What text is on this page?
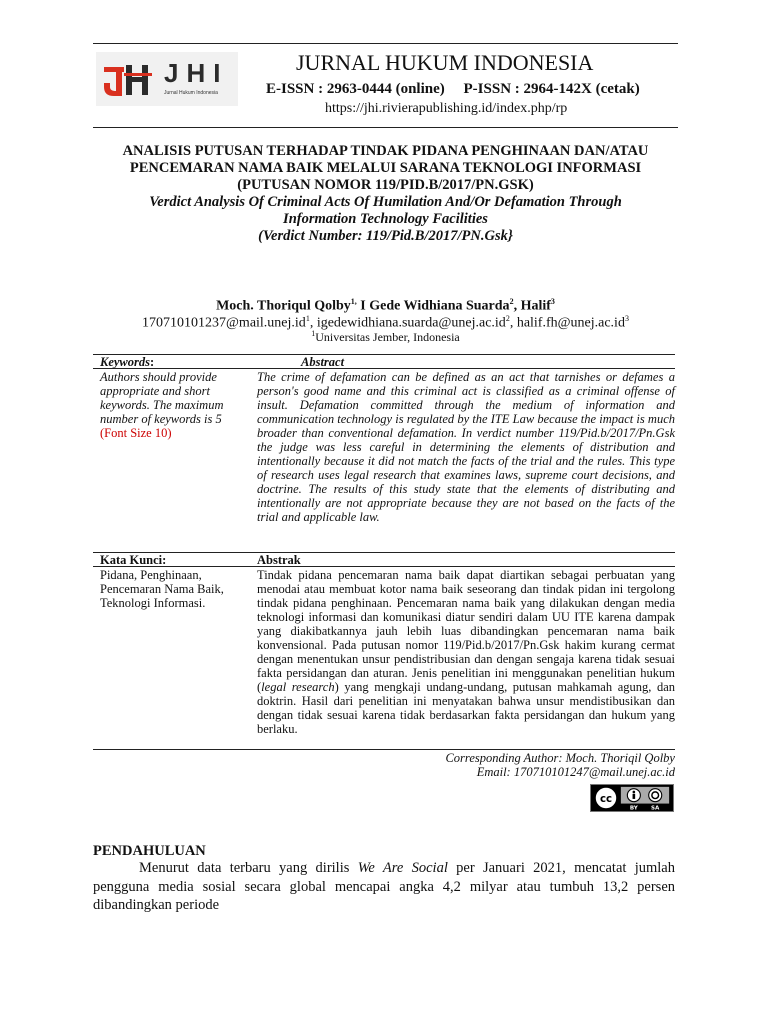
JHI
Jurnal Hukum Indonesia
JURNAL HUKUM INDONESIA
E-ISSN : 2963-0444 (online)     P-ISSN : 2964-142X (cetak)
https://jhi.rivierapublishing.id/index.php/rp
ANALISIS PUTUSAN TERHADAP TINDAK PIDANA PENGHINAAN DAN/ATAU
PENCEMARAN NAMA BAIK MELALUI SARANA TEKNOLOGI INFORMASI
(PUTUSAN NOMOR 119/PID.B/2017/PN.GSK)
Verdict Analysis Of Criminal Acts Of Humilation And/Or Defamation Through
Information Technology Facilities
(Verdict Number: 119/Pid.B/2017/PN.Gsk}
Moch. Thoriqul Qolby$^{1,}$ I Gede Widhiana Suarda$^2$, Halif$^3$
$170710101237@mail.unej.id^1$, $igedewidhiana.suarda@unej.ac.id^2$, $halif.fh@unej.ac.id^3$
$^1$Universitas Jember, Indonesia
Keywords:	Abstract
Authors should provide appropriate and short keywords. The maximum number of keywords is 5 (Font Size 10)
The crime of defamation can be defined as an act that tarnishes or defames a person's good name and this criminal act is classified as a criminal offense of insult. Defamation committed through the medium of information and communication technology is regulated by the ITE Law because the impact is much broader than conventional defamation. In verdict number 119/Pid.b/2017/Pn.Gsk the judge was less careful in determining the elements of distribution and intentionally because it did not match the facts of the trial and the rules. This type of research uses legal research that examines laws, supreme court decisions, and doctrine. The results of this study state that the elements of distributing and intentionally are not appropriate because they are not based on the facts of the trial and applicable law.
Kata Kunci:	Abstrak
Pidana, Penghinaan, Pencemaran Nama Baik, Teknologi Informasi.
Tindak pidana pencemaran nama baik dapat diartikan sebagai perbuatan yang menodai atau membuat kotor nama baik seseorang dan tindak pidan ini tergolong tindak pidana penghinaan. Pencemaran nama baik yang dilakukan dengan media teknologi informasi dan komunikasi diatur sendiri dalam UU ITE karena dampak yang diakibatkannya jauh lebih luas dibandingkan pencemaran nama baik konvensional. Pada putusan nomor 119/Pid.b/2017/Pn.Gsk hakim kurang cermat dengan menentukan unsur pendistribusian dan dengan sengaja karena tidak sesuai fakta persidangan dan aturan. Jenis penelitian ini menggunakan penelitian hukum (legal research) yang mengkaji undang-undang, putusan mahkamah agung, dan doktrin. Hasil dari penelitian ini menyatakan bahwa unsur mendistibusikan dan dengan tidak sesuai karena tidak berdasarkan fakta persidangan dan hukum yang berlaku.
Corresponding Author: Moch. Thoriqil Qolby
Email: 170710101247@mail.unej.ac.id
cc
BY SA
PENDAHULUAN
Menurut data terbaru yang dirilis We Are Social per Januari 2021, mencatat jumlah pengguna media sosial secara global mencapai angka 4,2 milyar atau tumbuh 13,2 persen dibandingkan periode
